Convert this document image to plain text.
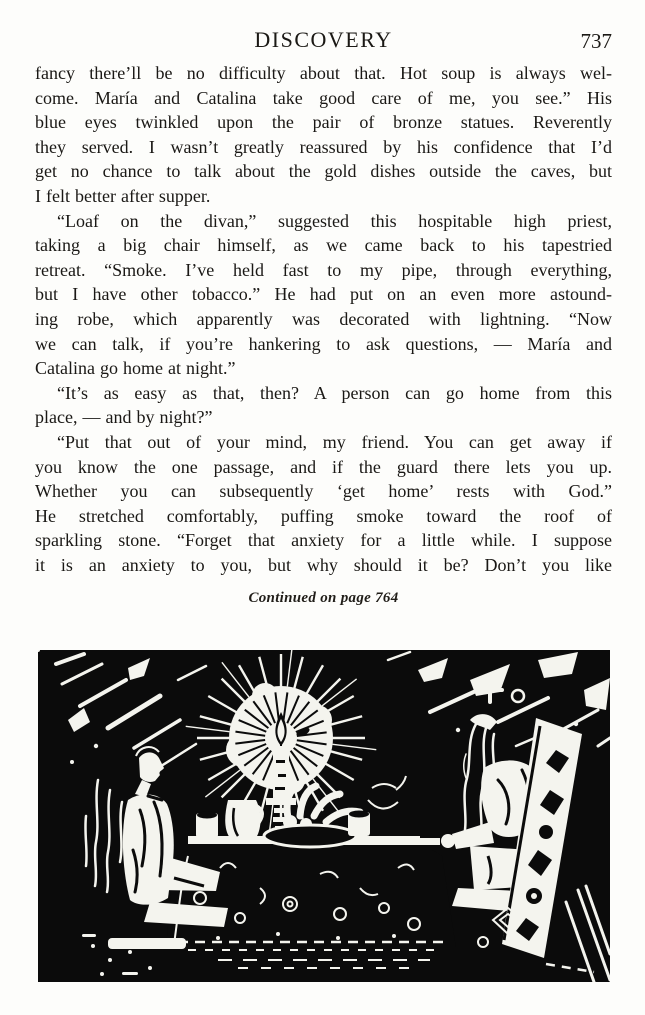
DISCOVERY	737
fancy there’ll be no difficulty about that. Hot soup is always wel-
come. María and Catalina take good care of me, you see.” His
blue eyes twinkled upon the pair of bronze statues. Reverently
they served. I wasn’t greatly reassured by his confidence that I’d
get no chance to talk about the gold dishes outside the caves, but
I felt better after supper.
“Loaf on the divan,” suggested this hospitable high priest,
taking a big chair himself, as we came back to his tapestried
retreat. “Smoke. I’ve held fast to my pipe, through everything,
but I have other tobacco.” He had put on an even more astound-
ing robe, which apparently was decorated with lightning. “Now
we can talk, if you’re hankering to ask questions, — María and
Catalina go home at night.”
“It’s as easy as that, then? A person can go home from this
place, — and by night?”
“Put that out of your mind, my friend. You can get away if
you know the one passage, and if the guard there lets you up.
Whether you can subsequently ‘get home’ rests with God.”
He stretched comfortably, puffing smoke toward the roof of
sparkling stone. “Forget that anxiety for a little while. I suppose
it is an anxiety to you, but why should it be? Don’t you like
Continued on page 764
